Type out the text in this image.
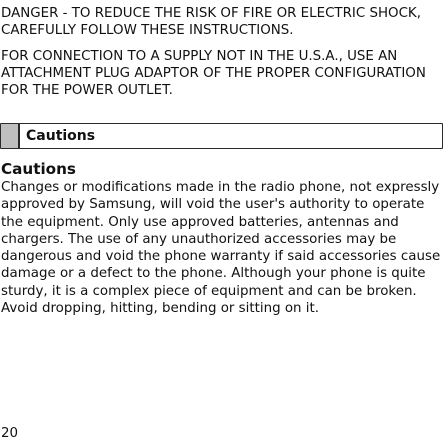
DANGER - TO REDUCE THE RISK OF FIRE OR ELECTRIC SHOCK, CAREFULLY FOLLOW THESE INSTRUCTIONS.

FOR CONNECTION TO A SUPPLY NOT IN THE U.S.A., USE AN ATTACHMENT PLUG ADAPTOR OF THE PROPER CONFIGURATION FOR THE POWER OUTLET.

Cautions
Cautions

Changes or modifications made in the radio phone, not expressly approved by Samsung, will void the user's authority to operate the equipment. Only use approved batteries, antennas and chargers. The use of any unauthorized accessories may be dangerous and void the phone warranty if said accessories cause damage or a defect to the phone. Although your phone is quite sturdy, it is a complex piece of equipment and can be broken. Avoid dropping, hitting, bending or sitting on it.

20
